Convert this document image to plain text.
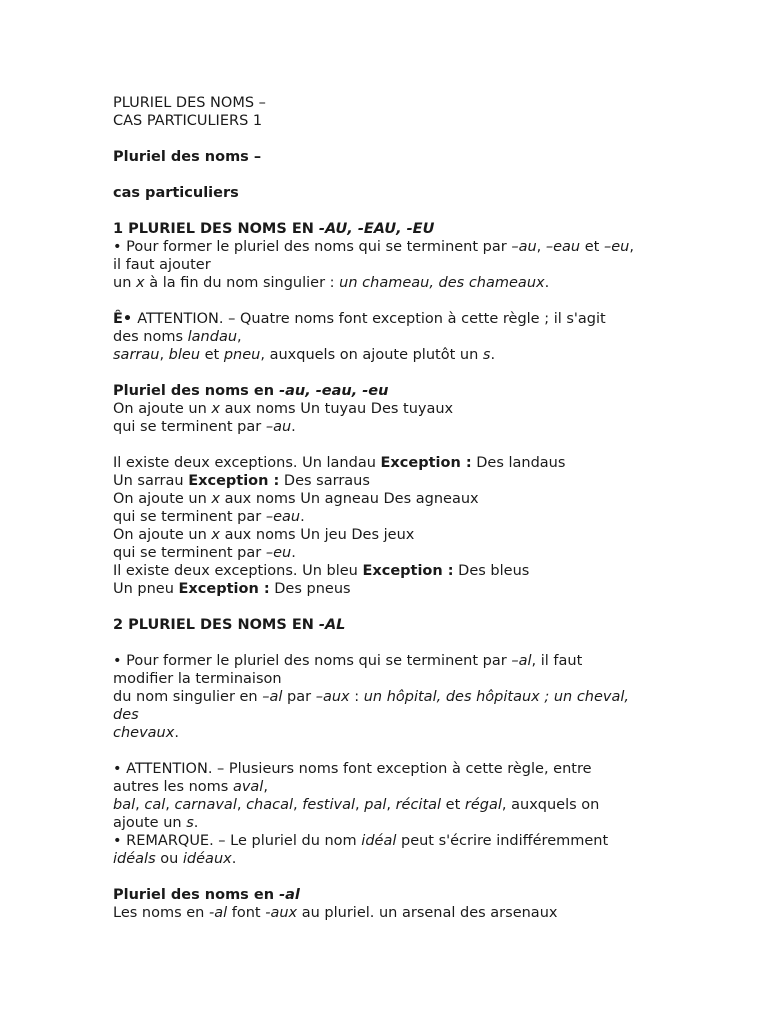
PLURIEL DES NOMS –
CAS PARTICULIERS 1
Pluriel des noms –
cas particuliers
1 PLURIEL DES NOMS EN -AU, -EAU, -EU
• Pour former le pluriel des noms qui se terminent par –au, –eau et –eu,
il faut ajouter
un x à la fin du nom singulier : un chameau, des chameaux.
Ê• ATTENTION. – Quatre noms font exception à cette règle ; il s'agit
des noms landau,
sarrau, bleu et pneu, auxquels on ajoute plutôt un s.
Pluriel des noms en -au, -eau, -eu
On ajoute un x aux noms Un tuyau Des tuyaux
qui se terminent par –au.
Il existe deux exceptions. Un landau Exception : Des landaus
Un sarrau Exception : Des sarraus
On ajoute un x aux noms Un agneau Des agneaux
qui se terminent par –eau.
On ajoute un x aux noms Un jeu Des jeux
qui se terminent par –eu.
Il existe deux exceptions. Un bleu Exception : Des bleus
Un pneu Exception : Des pneus
2 PLURIEL DES NOMS EN -AL
• Pour former le pluriel des noms qui se terminent par –al, il faut
modifier la terminaison
du nom singulier en –al par –aux : un hôpital, des hôpitaux ; un cheval,
des
chevaux.
• ATTENTION. – Plusieurs noms font exception à cette règle, entre
autres les noms aval,
bal, cal, carnaval, chacal, festival, pal, récital et régal, auxquels on
ajoute un s.
• REMARQUE. – Le pluriel du nom idéal peut s'écrire indifféremment
idéals ou idéaux.
Pluriel des noms en -al
Les noms en -al font -aux au pluriel. un arsenal des arsenaux
